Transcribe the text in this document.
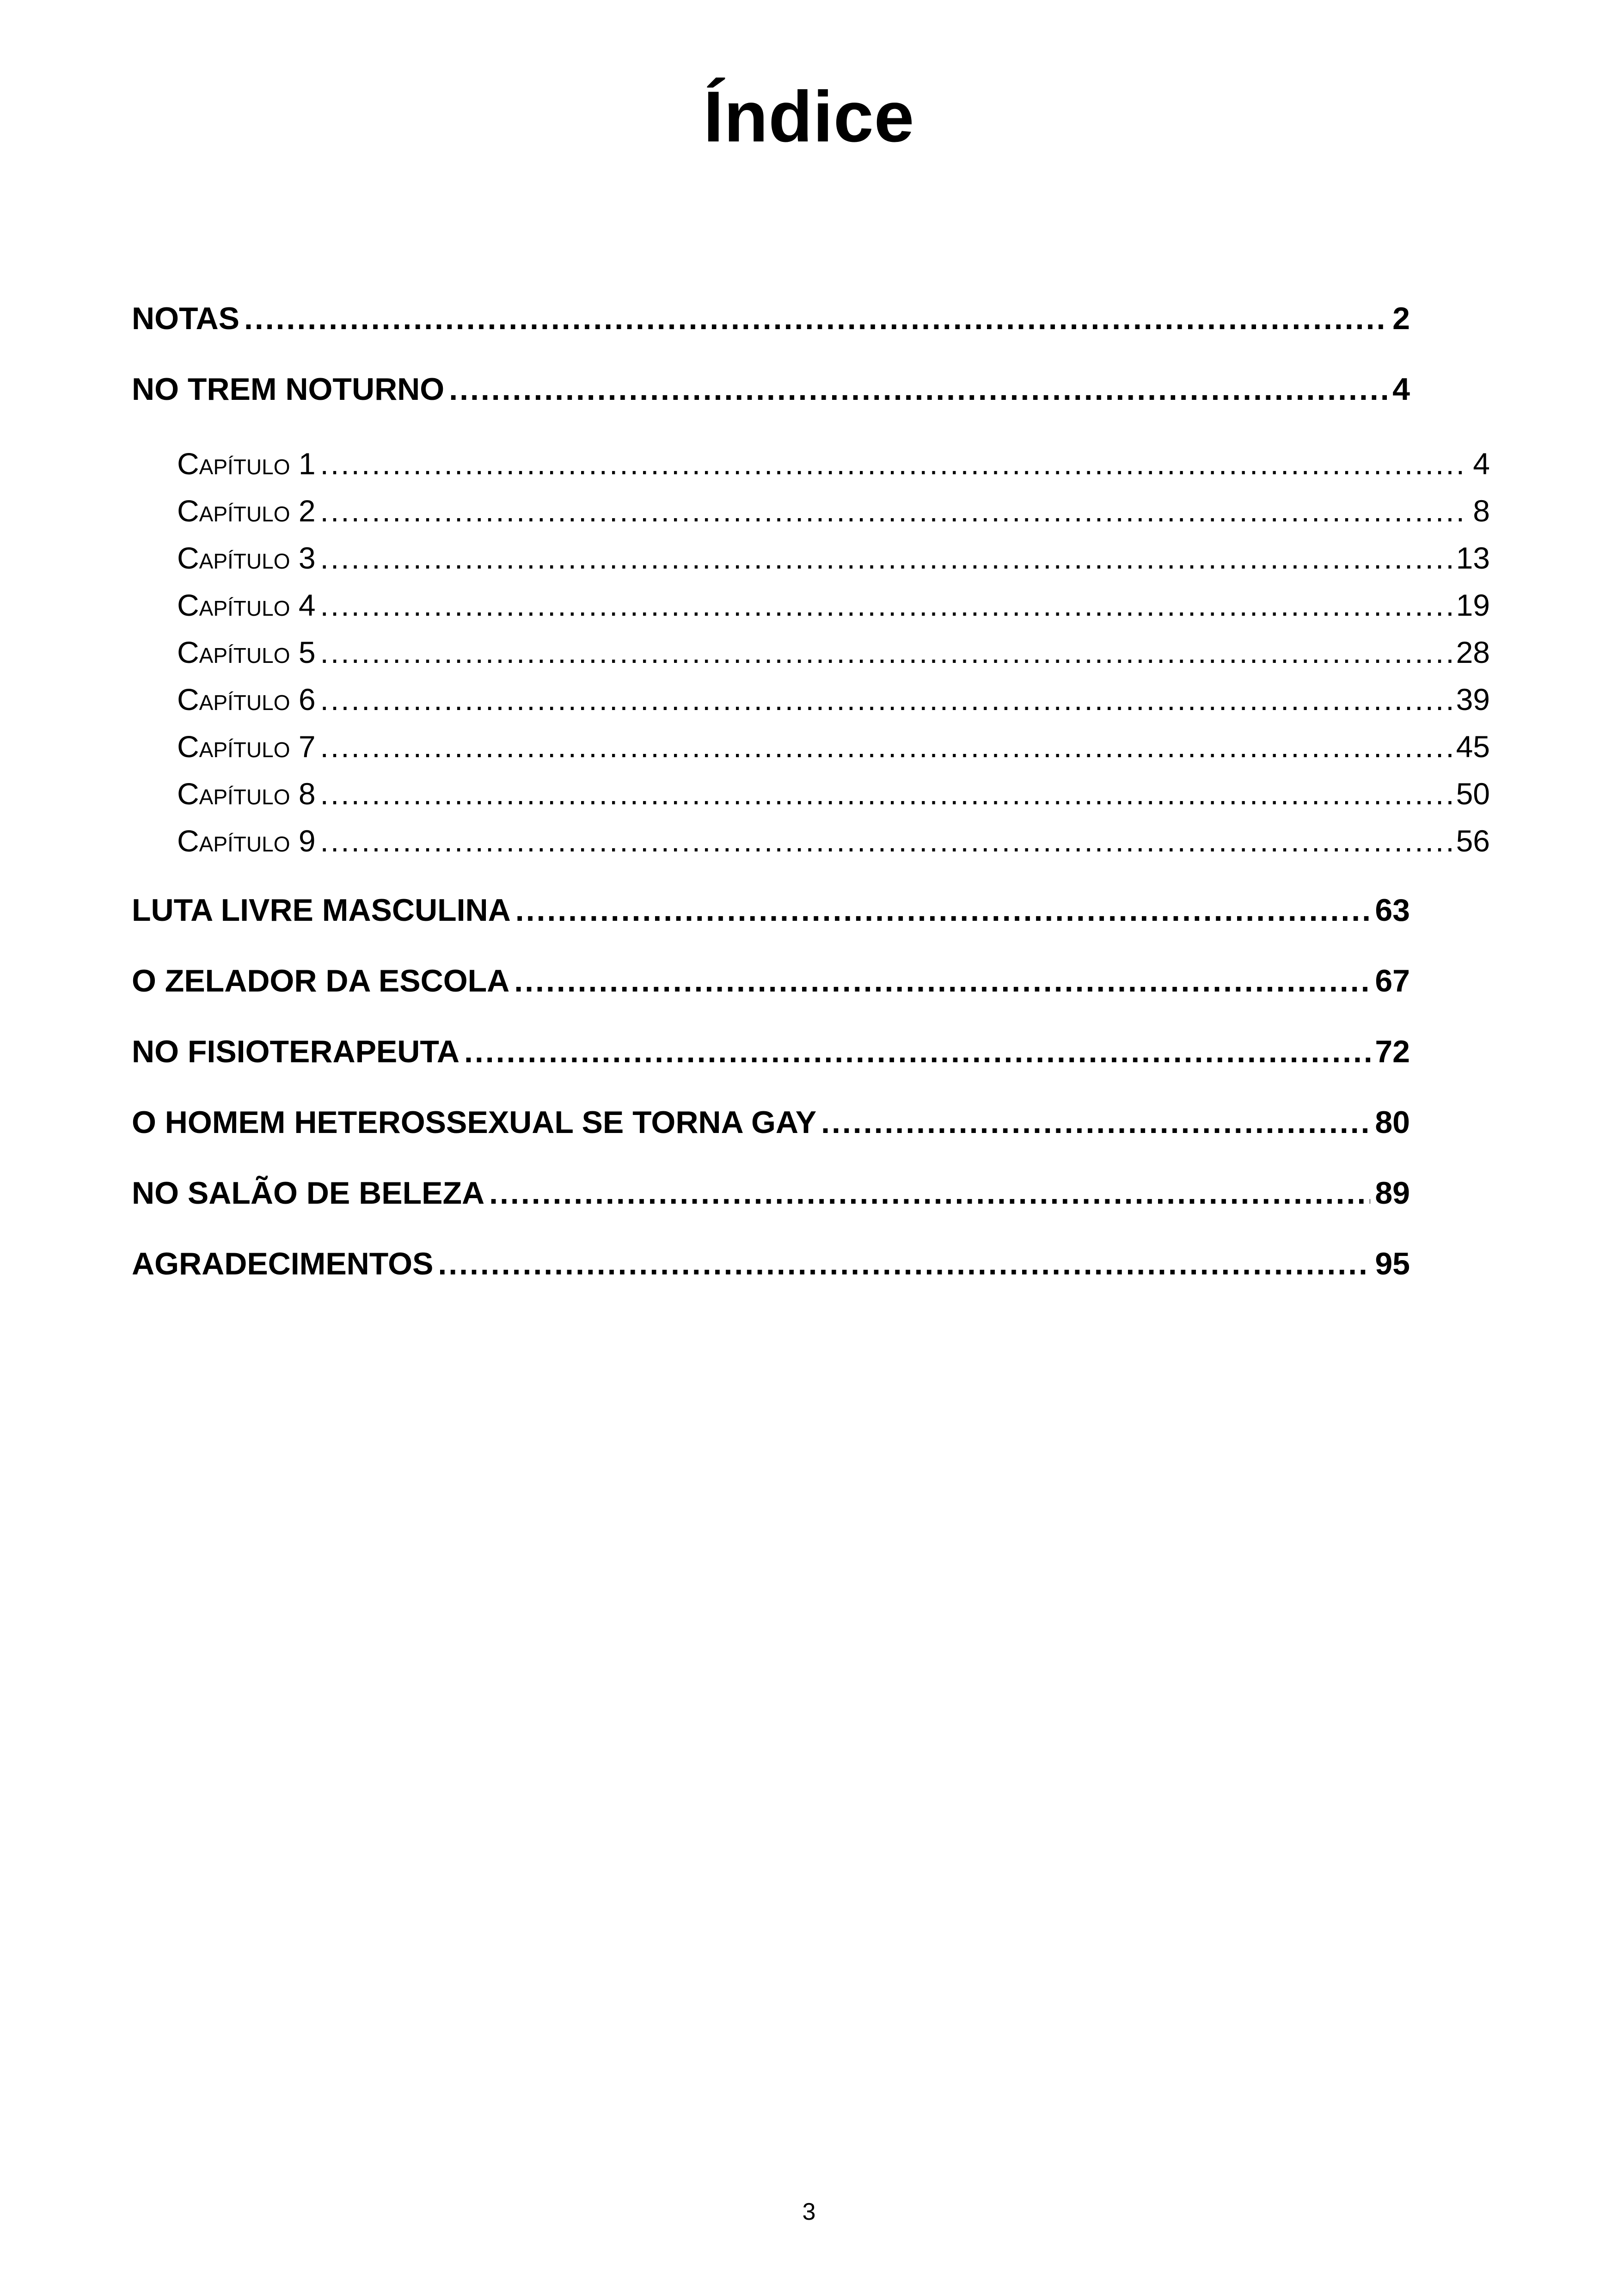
Índice
NOTAS .....	2
NO TREM NOTURNO .....	4
Capítulo 1 .....	4
Capítulo 2 .....	8
Capítulo 3 .....	13
Capítulo 4 .....	19
Capítulo 5 .....	28
Capítulo 6 .....	39
Capítulo 7 .....	45
Capítulo 8 .....	50
Capítulo 9 .....	56
LUTA LIVRE MASCULINA .....	63
O ZELADOR DA ESCOLA .....	67
NO FISIOTERAPEUTA .....	72
O HOMEM HETEROSSEXUAL SE TORNA GAY .....	80
NO SALÃO DE BELEZA .....	89
AGRADECIMENTOS .....	95
3
